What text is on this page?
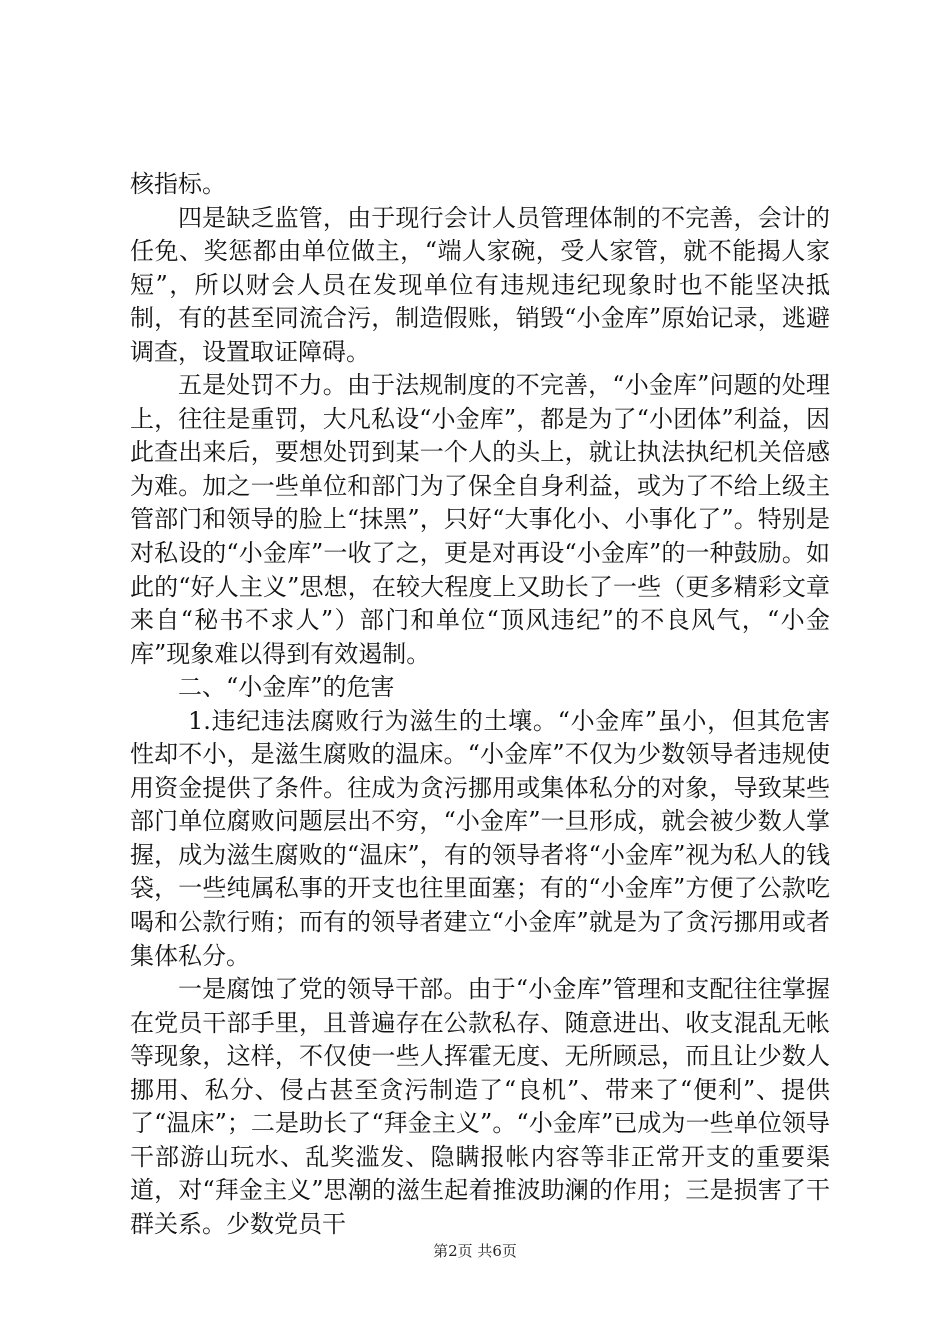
核指标。

四是缺乏监管，由于现行会计人员管理体制的不完善，会计的任免、奖惩都由单位做主，“端人家碗，受人家管，就不能揭人家短”，所以财会人员在发现单位有违规违纪现象时也不能坚决抵制，有的甚至同流合污，制造假账，销毁“小金库”原始记录，逃避调查，设置取证障碍。

五是处罚不力。由于法规制度的不完善，“小金库”问题的处理上，往往是重罚，大凡私设“小金库”，都是为了“小团体”利益，因此查出来后，要想处罚到某一个人的头上，就让执法执纪机关倍感为难。加之一些单位和部门为了保全自身利益，或为了不给上级主管部门和领导的脸上“抹黑”，只好“大事化小、小事化了”。特别是对私设的“小金库”一收了之，更是对再设“小金库”的一种鼓励。如此的“好人主义”思想，在较大程度上又助长了一些（更多精彩文章来自“秘书不求人”）部门和单位“顶风违纪”的不良风气，“小金库”现象难以得到有效遏制。

二、“小金库”的危害

1.违纪违法腐败行为滋生的土壤。“小金库”虽小，但其危害性却不小，是滋生腐败的温床。“小金库”不仅为少数领导者违规使用资金提供了条件。往成为贪污挪用或集体私分的对象，导致某些部门单位腐败问题层出不穷，“小金库”一旦形成，就会被少数人掌握，成为滋生腐败的“温床”，有的领导者将“小金库”视为私人的钱袋，一些纯属私事的开支也往里面塞；有的“小金库”方便了公款吃喝和公款行贿；而有的领导者建立“小金库”就是为了贪污挪用或者集体私分。

一是腐蚀了党的领导干部。由于“小金库”管理和支配往往掌握在党员干部手里，且普遍存在公款私存、随意进出、收支混乱无帐等现象，这样，不仅使一些人挥霍无度、无所顾忌，而且让少数人挪用、私分、侵占甚至贪污制造了“良机”、带来了“便利”、提供了“温床”；二是助长了“拜金主义”。“小金库”已成为一些单位领导干部游山玩水、乱奖滥发、隐瞒报帐内容等非正常开支的重要渠道，对“拜金主义”思潮的滋生起着推波助澜的作用；三是损害了干群关系。少数党员干

第2页 共6页
